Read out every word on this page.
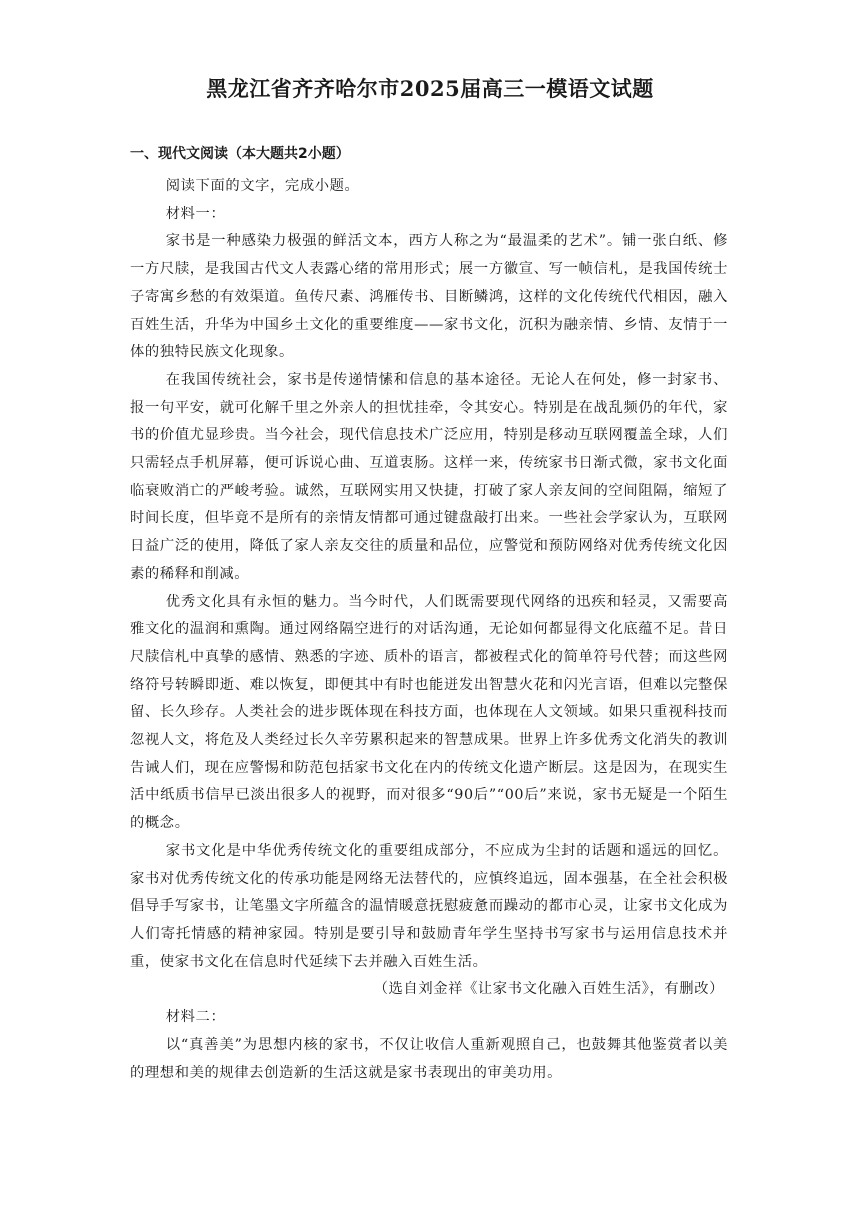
黑龙江省齐齐哈尔市2025届高三一模语文试题
一、现代文阅读（本大题共2小题）

阅读下面的文字，完成小题。

材料一：

家书是一种感染力极强的鲜活文本，西方人称之为“最温柔的艺术”。铺一张白纸、修一方尺牍，是我国古代文人表露心绪的常用形式；展一方徽宣、写一帧信札，是我国传统士子寄寓乡愁的有效渠道。鱼传尺素、鸿雁传书、目断鳞鸿，这样的文化传统代代相因，融入百姓生活，升华为中国乡土文化的重要维度——家书文化，沉积为融亲情、乡情、友情于一体的独特民族文化现象。

在我国传统社会，家书是传递情愫和信息的基本途径。无论人在何处，修一封家书、报一句平安，就可化解千里之外亲人的担忧挂牵，令其安心。特别是在战乱频仍的年代，家书的价值尤显珍贵。当今社会，现代信息技术广泛应用，特别是移动互联网覆盖全球，人们只需轻点手机屏幕，便可诉说心曲、互道衷肠。这样一来，传统家书日渐式微，家书文化面临衰败消亡的严峻考验。诚然，互联网实用又快捷，打破了家人亲友间的空间阻隔，缩短了时间长度，但毕竟不是所有的亲情友情都可通过键盘敲打出来。一些社会学家认为，互联网日益广泛的使用，降低了家人亲友交往的质量和品位，应警觉和预防网络对优秀传统文化因素的稀释和削减。

优秀文化具有永恒的魅力。当今时代，人们既需要现代网络的迅疾和轻灵，又需要高雅文化的温润和熏陶。通过网络隔空进行的对话沟通，无论如何都显得文化底蕴不足。昔日尺牍信札中真挚的感情、熟悉的字迹、质朴的语言，都被程式化的简单符号代替；而这些网络符号转瞬即逝、难以恢复，即便其中有时也能迸发出智慧火花和闪光言语，但难以完整保留、长久珍存。人类社会的进步既体现在科技方面，也体现在人文领域。如果只重视科技而忽视人文，将危及人类经过长久辛劳累积起来的智慧成果。世界上许多优秀文化消失的教训告诫人们，现在应警惕和防范包括家书文化在内的传统文化遗产断层。这是因为，在现实生活中纸质书信早已淡出很多人的视野，而对很多“90后”“00后”来说，家书无疑是一个陌生的概念。

家书文化是中华优秀传统文化的重要组成部分，不应成为尘封的话题和遥远的回忆。家书对优秀传统文化的传承功能是网络无法替代的，应慎终追远，固本强基，在全社会积极倡导手写家书，让笔墨文字所蕴含的温情暖意抚慰疲惫而躁动的都市心灵，让家书文化成为人们寄托情感的精神家园。特别是要引导和鼓励青年学生坚持书写家书与运用信息技术并重，使家书文化在信息时代延续下去并融入百姓生活。

（选自刘金祥《让家书文化融入百姓生活》，有删改）

材料二：

以“真善美”为思想内核的家书，不仅让收信人重新观照自己，也鼓舞其他鉴赏者以美的理想和美的规律去创造新的生活这就是家书表现出的审美功用。
